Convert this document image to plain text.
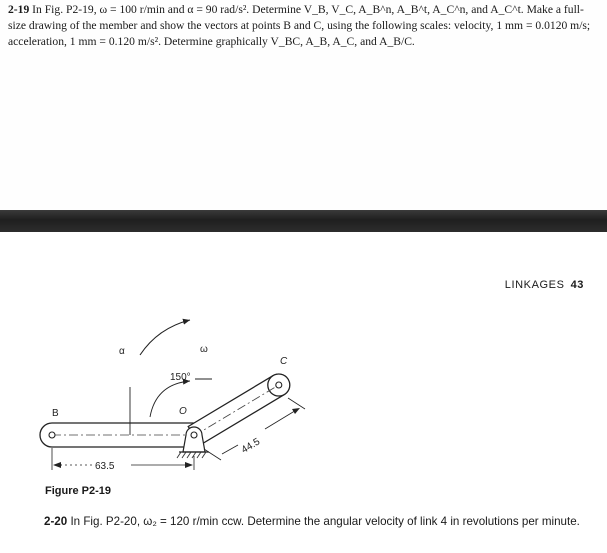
2-19 In Fig. P2-19, ω = 100 r/min and α = 90 rad/s². Determine V_B, V_C, A_B^n, A_B^t, A_C^n, and A_C^t. Make a full-size drawing of the member and show the vectors at points B and C, using the following scales: velocity, 1 mm = 0.0120 m/s; acceleration, 1 mm = 0.120 m/s². Determine graphically V_BC, A_B, A_C, and A_B/C.

LINKAGES 43
α	ω
150°
B
C
O
63.5
44.5
Figure P2-19

2-20 In Fig. P2-20, ω₂ = 120 r/min ccw. Determine the angular velocity of link 4 in revolutions per minute.
